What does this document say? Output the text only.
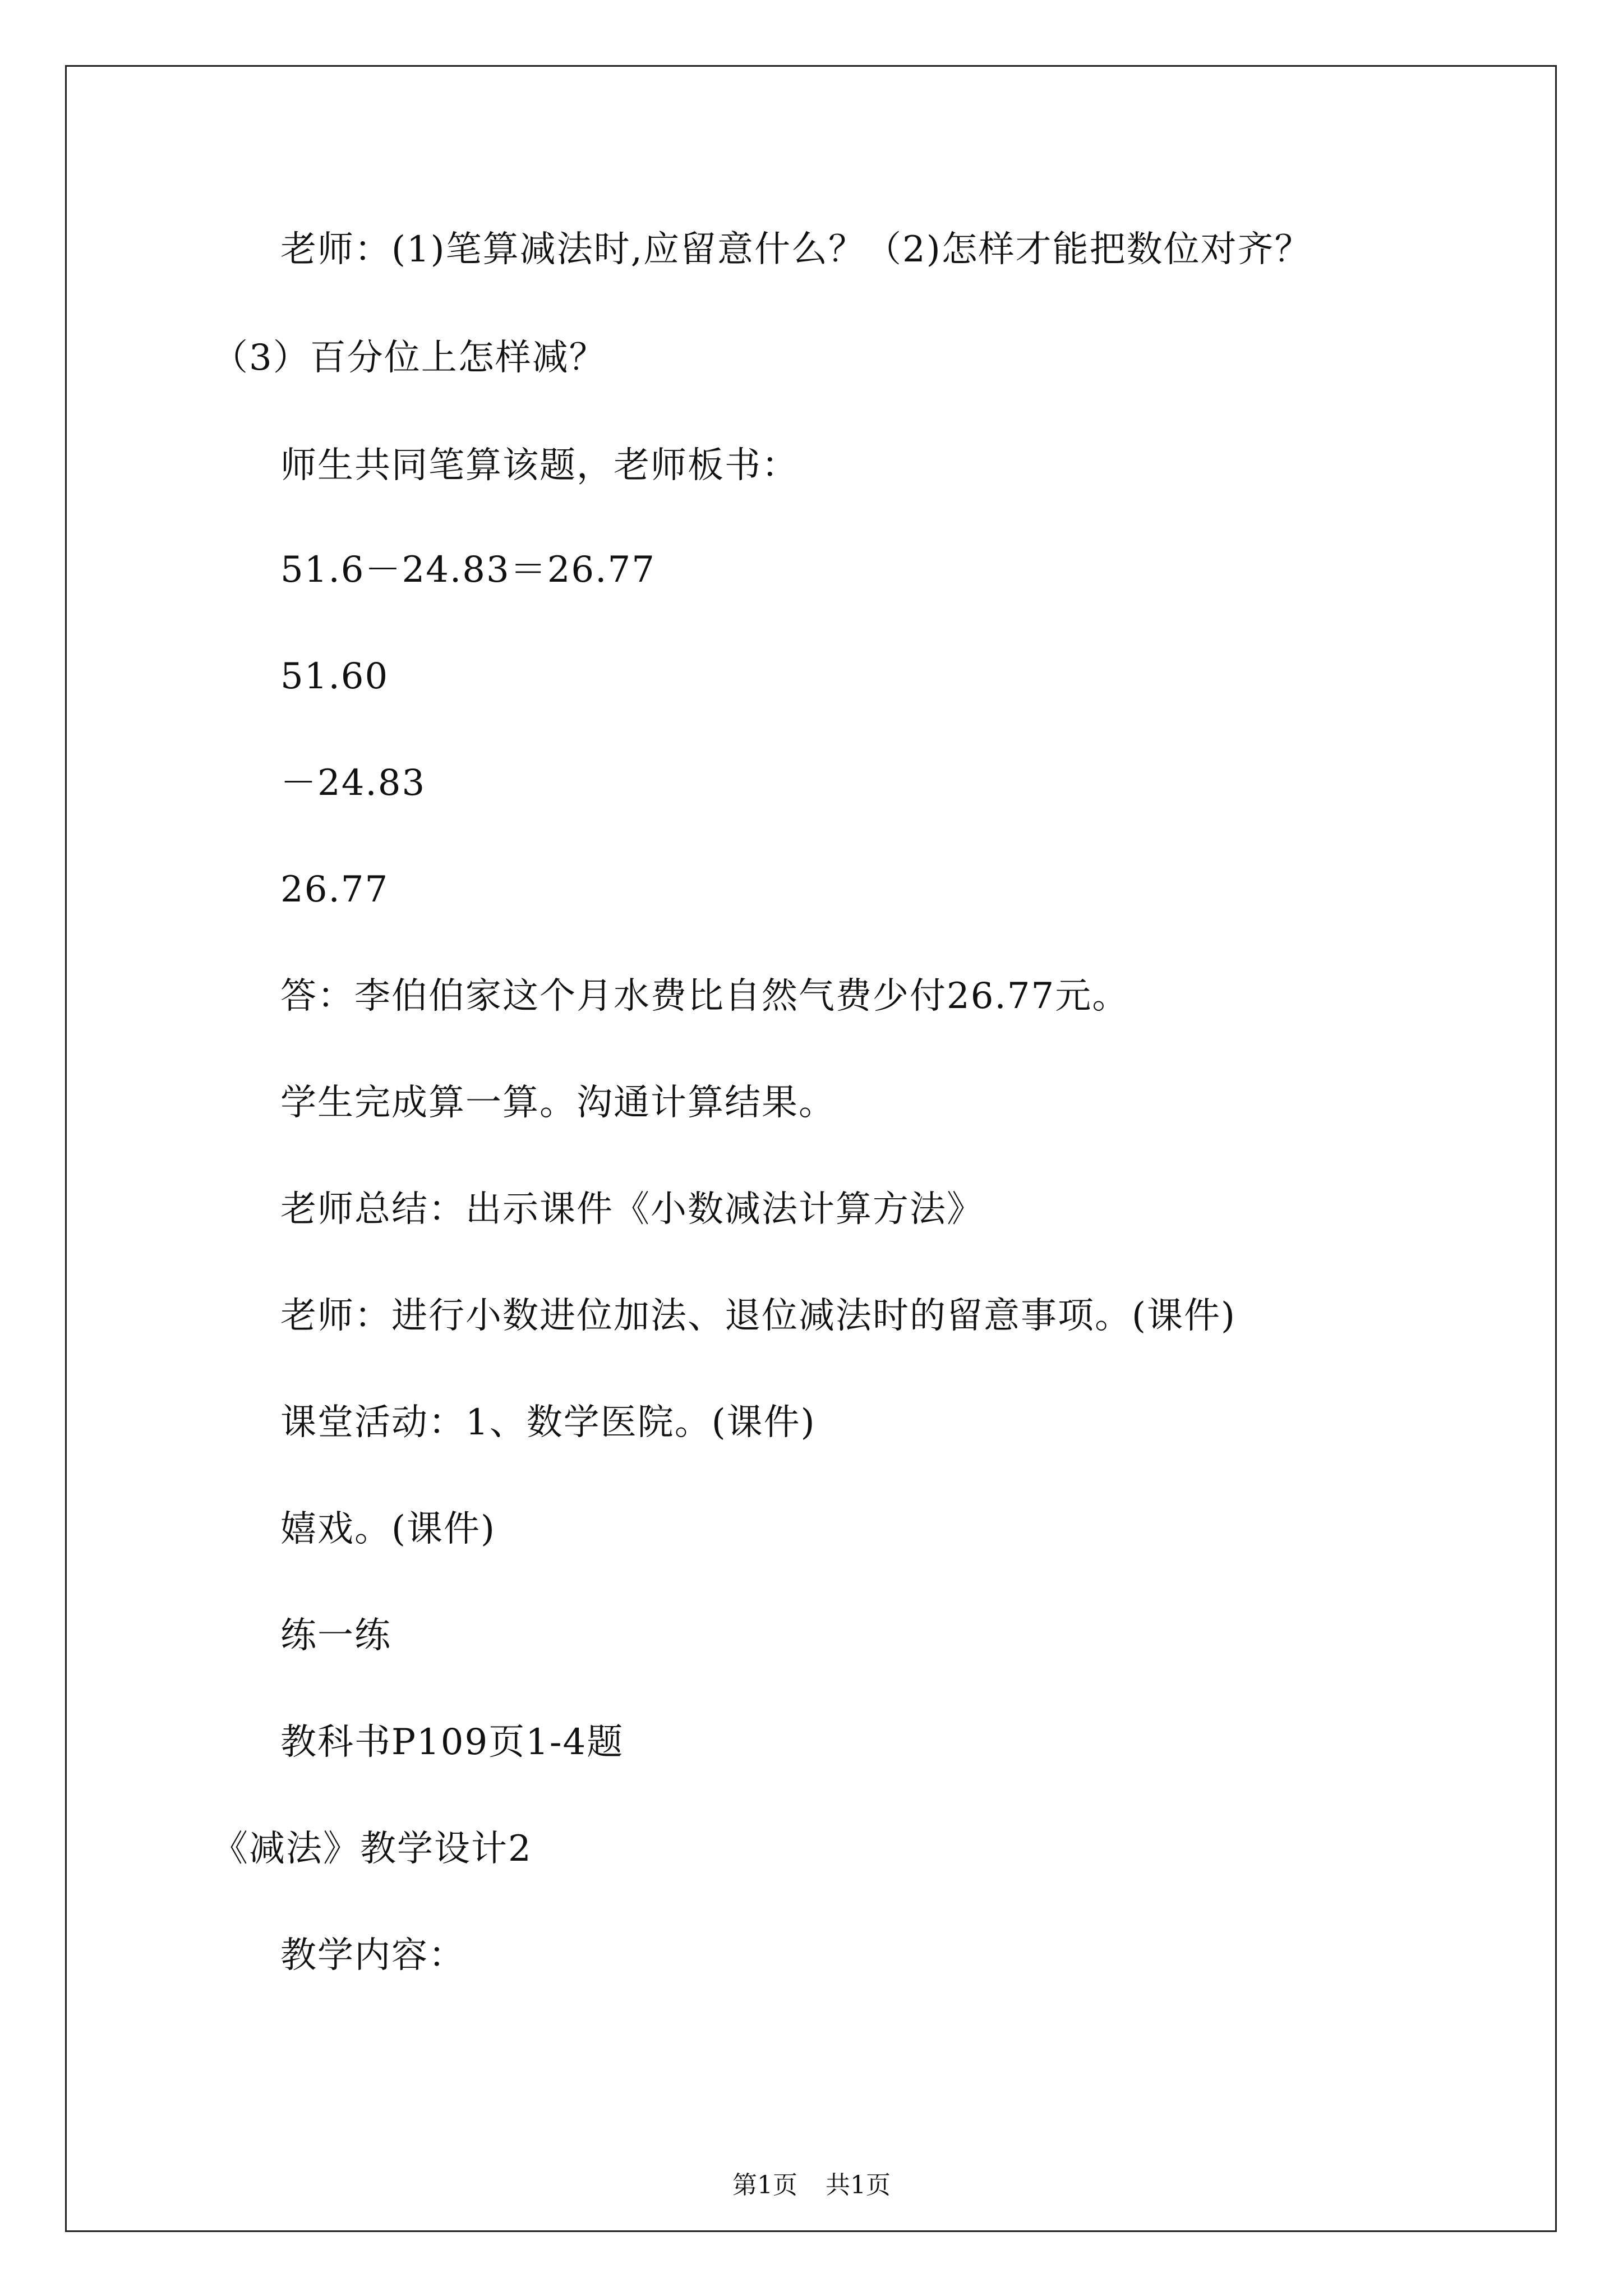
老师：(1)笔算减法时,应留意什么？（2)怎样才能把数位对齐？
（3）百分位上怎样减？
师生共同笔算该题，老师板书：
51.6－24.83＝26.77
51.60
－24.83
26.77
答：李伯伯家这个月水费比自然气费少付26.77元。
学生完成算一算。沟通计算结果。
老师总结：出示课件《小数减法计算方法》
老师：进行小数进位加法、退位减法时的留意事项。(课件)
课堂活动：1、数学医院。(课件)
嬉戏。(课件)
练一练
教科书P109页1-4题
《减法》教学设计2
教学内容：
第1页 共1页
